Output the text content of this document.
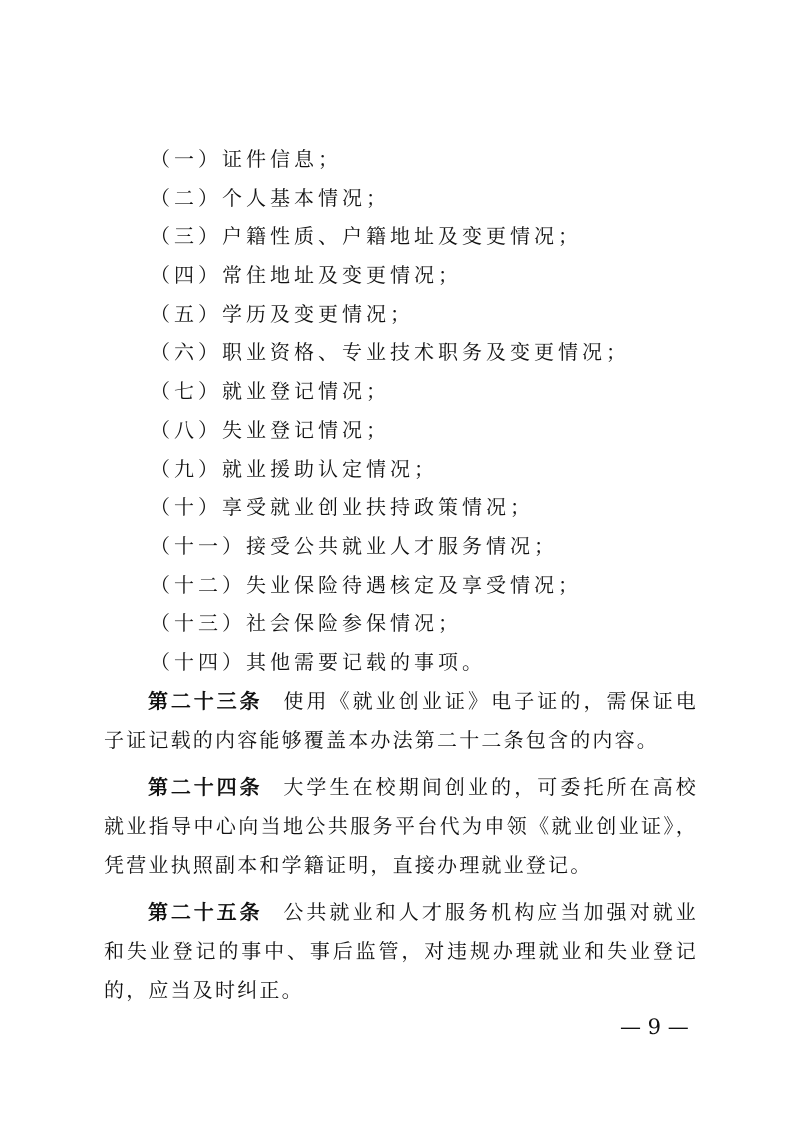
（一）证件信息；
（二）个人基本情况；
（三）户籍性质、户籍地址及变更情况；
（四）常住地址及变更情况；
（五）学历及变更情况；
（六）职业资格、专业技术职务及变更情况；
（七）就业登记情况；
（八）失业登记情况；
（九）就业援助认定情况；
（十）享受就业创业扶持政策情况；
（十一）接受公共就业人才服务情况；
（十二）失业保险待遇核定及享受情况；
（十三）社会保险参保情况；
（十四）其他需要记载的事项。

第二十三条 使用《就业创业证》电子证的，需保证电子证记载的内容能够覆盖本办法第二十二条包含的内容。

第二十四条 大学生在校期间创业的，可委托所在高校就业指导中心向当地公共服务平台代为申领《就业创业证》，凭营业执照副本和学籍证明，直接办理就业登记。

第二十五条 公共就业和人才服务机构应当加强对就业和失业登记的事中、事后监管，对违规办理就业和失业登记的，应当及时纠正。

— 9 —
